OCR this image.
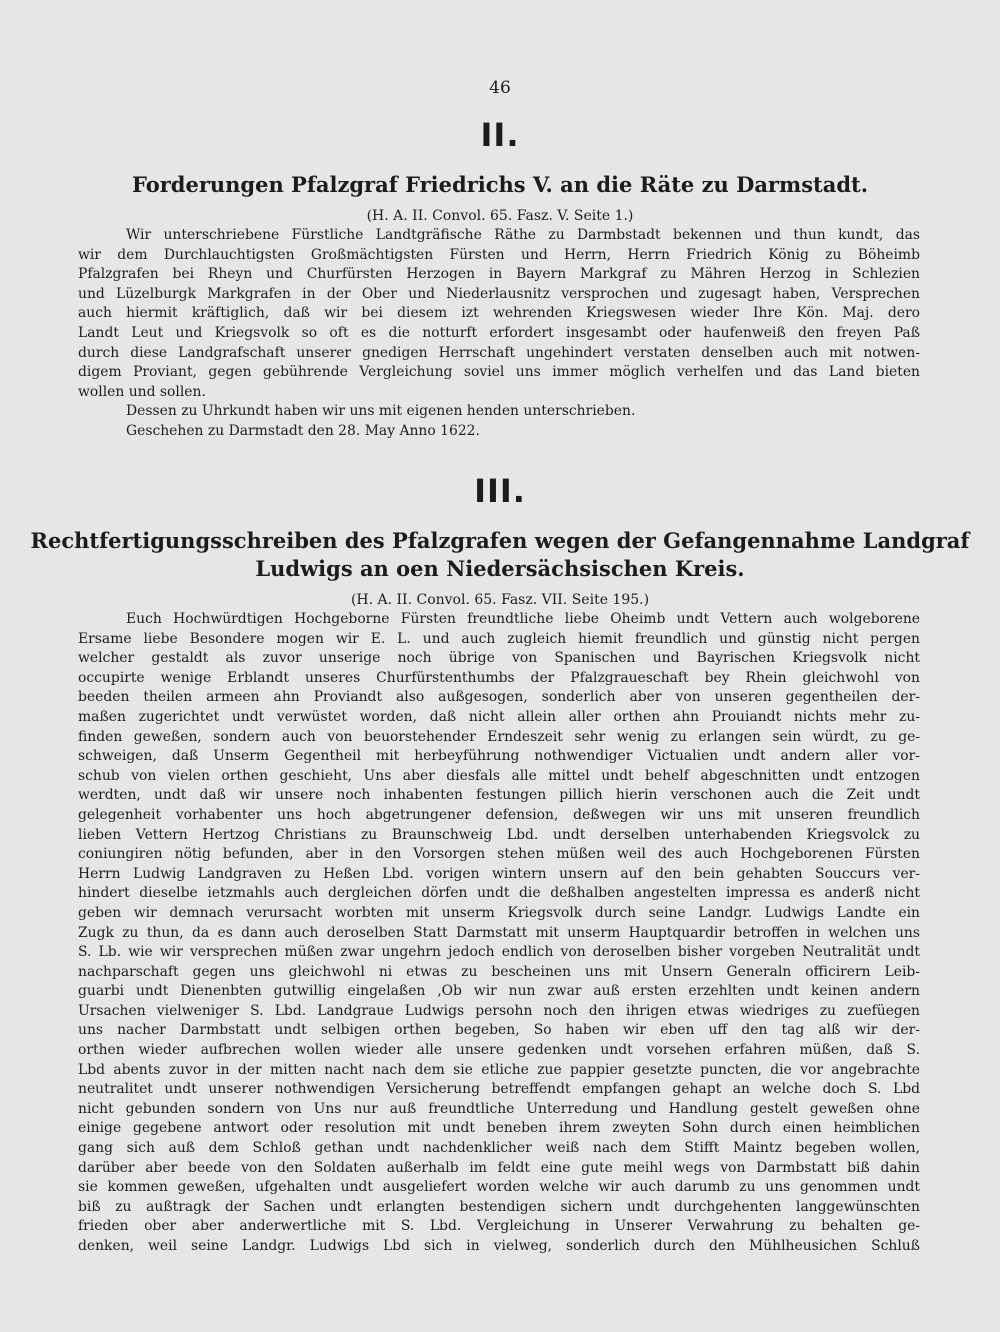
46
II.
Forderungen Pfalzgraf Friedrichs V. an die Räte zu Darmstadt.
(H. A. II. Convol. 65. Fasz. V. Seite 1.)
Wir unterschriebene Fürstliche Landtgräfische Räthe zu Darmbstadt bekennen und thun kundt, das
wir dem Durchlauchtigsten Großmächtigsten Fürsten und Herrn, Herrn Friedrich König zu Böheimb
Pfalzgrafen bei Rheyn und Churfürsten Herzogen in Bayern Markgraf zu Mähren Herzog in Schlezien
und Lüzelburgk Markgrafen in der Ober und Niederlausnitz versprochen und zugesagt haben, Versprechen
auch hiermit kräftiglich, daß wir bei diesem izt wehrenden Kriegswesen wieder Ihre Kön. Maj. dero
Landt Leut und Kriegsvolk so oft es die notturft erfordert insgesambt oder haufenweiß den freyen Paß
durch diese Landgrafschaft unserer gnedigen Herrschaft ungehindert verstaten denselben auch mit notwen-
digem Proviant, gegen gebührende Vergleichung soviel uns immer möglich verhelfen und das Land bieten
wollen und sollen.
Dessen zu Uhrkundt haben wir uns mit eigenen henden unterschrieben.
Geschehen zu Darmstadt den 28. May Anno 1622.
III.
Rechtfertigungsschreiben des Pfalzgrafen wegen der Gefangennahme Landgraf
Ludwigs an oen Niedersächsischen Kreis.
(H. A. II. Convol. 65. Fasz. VII. Seite 195.)
Euch Hochwürdtigen Hochgeborne Fürsten freundtliche liebe Oheimb undt Vettern auch wolgeborene
Ersame liebe Besondere mogen wir E. L. und auch zugleich hiemit freundlich und günstig nicht pergen
welcher gestaldt als zuvor unserige noch übrige von Spanischen und Bayrischen Kriegsvolk nicht
occupirte wenige Erblandt unseres Churfürstenthumbs der Pfalzgraueschaft bey Rhein gleichwohl von
beeden theilen armeen ahn Proviandt also außgesogen, sonderlich aber von unseren gegentheilen der-
maßen zugerichtet undt verwüstet worden, daß nicht allein aller orthen ahn Prouiandt nichts mehr zu-
finden geweßen, sondern auch von beuorstehender Erndeszeit sehr wenig zu erlangen sein würdt, zu ge-
schweigen, daß Unserm Gegentheil mit herbeyführung nothwendiger Victualien undt andern aller vor-
schub von vielen orthen geschieht, Uns aber diesfals alle mittel undt behelf abgeschnitten undt entzogen
werdten, undt daß wir unsere noch inhabenten festungen pillich hierin verschonen auch die Zeit undt
gelegenheit vorhabenter uns hoch abgetrungener defension, deßwegen wir uns mit unseren freundlich
lieben Vettern Hertzog Christians zu Braunschweig Lbd. undt derselben unterhabenden Kriegsvolck zu
coniungiren nötig befunden, aber in den Vorsorgen stehen müßen weil des auch Hochgeborenen Fürsten
Herrn Ludwig Landgraven zu Heßen Lbd. vorigen wintern unsern auf den bein gehabten Souccurs ver-
hindert dieselbe ietzmahls auch dergleichen dörfen undt die deßhalben angestelten impressa es anderß nicht
geben wir demnach verursacht worbten mit unserm Kriegsvolk durch seine Landgr. Ludwigs Landte ein
Zugk zu thun, da es dann auch deroselben Statt Darmstatt mit unserm Hauptquardir betroffen in welchen uns
S. Lb. wie wir versprechen müßen zwar ungehrn jedoch endlich von deroselben bisher vorgeben Neutralität undt
nachparschaft gegen uns gleichwohl ni etwas zu bescheinen uns mit Unsern Generaln officirern Leib-
guarbi undt Dienenbten gutwillig eingelaßen ,Ob wir nun zwar auß ersten erzehlten undt keinen andern
Ursachen vielweniger S. Lbd. Landgraue Ludwigs persohn noch den ihrigen etwas wiedriges zu zuefüegen
uns nacher Darmbstatt undt selbigen orthen begeben, So haben wir eben uff den tag alß wir der-
orthen wieder aufbrechen wollen wieder alle unsere gedenken undt vorsehen erfahren müßen, daß S.
Lbd abents zuvor in der mitten nacht nach dem sie etliche zue pappier gesetzte puncten, die vor angebrachte
neutralitet undt unserer nothwendigen Versicherung betreffendt empfangen gehapt an welche doch S. Lbd
nicht gebunden sondern von Uns nur auß freundtliche Unterredung und Handlung gestelt geweßen ohne
einige gegebene antwort oder resolution mit undt beneben ihrem zweyten Sohn durch einen heimblichen
gang sich auß dem Schloß gethan undt nachdenklicher weiß nach dem Stifft Maintz begeben wollen,
darüber aber beede von den Soldaten außerhalb im feldt eine gute meihl wegs von Darmbstatt biß dahin
sie kommen geweßen, ufgehalten undt ausgeliefert worden welche wir auch darumb zu uns genommen undt
biß zu außtragk der Sachen undt erlangten bestendigen sichern undt durchgehenten langgewünschten
frieden ober aber anderwertliche mit S. Lbd. Vergleichung in Unserer Verwahrung zu behalten ge-
denken, weil seine Landgr. Ludwigs Lbd sich in vielweg, sonderlich durch den Mühlheusichen Schluß
